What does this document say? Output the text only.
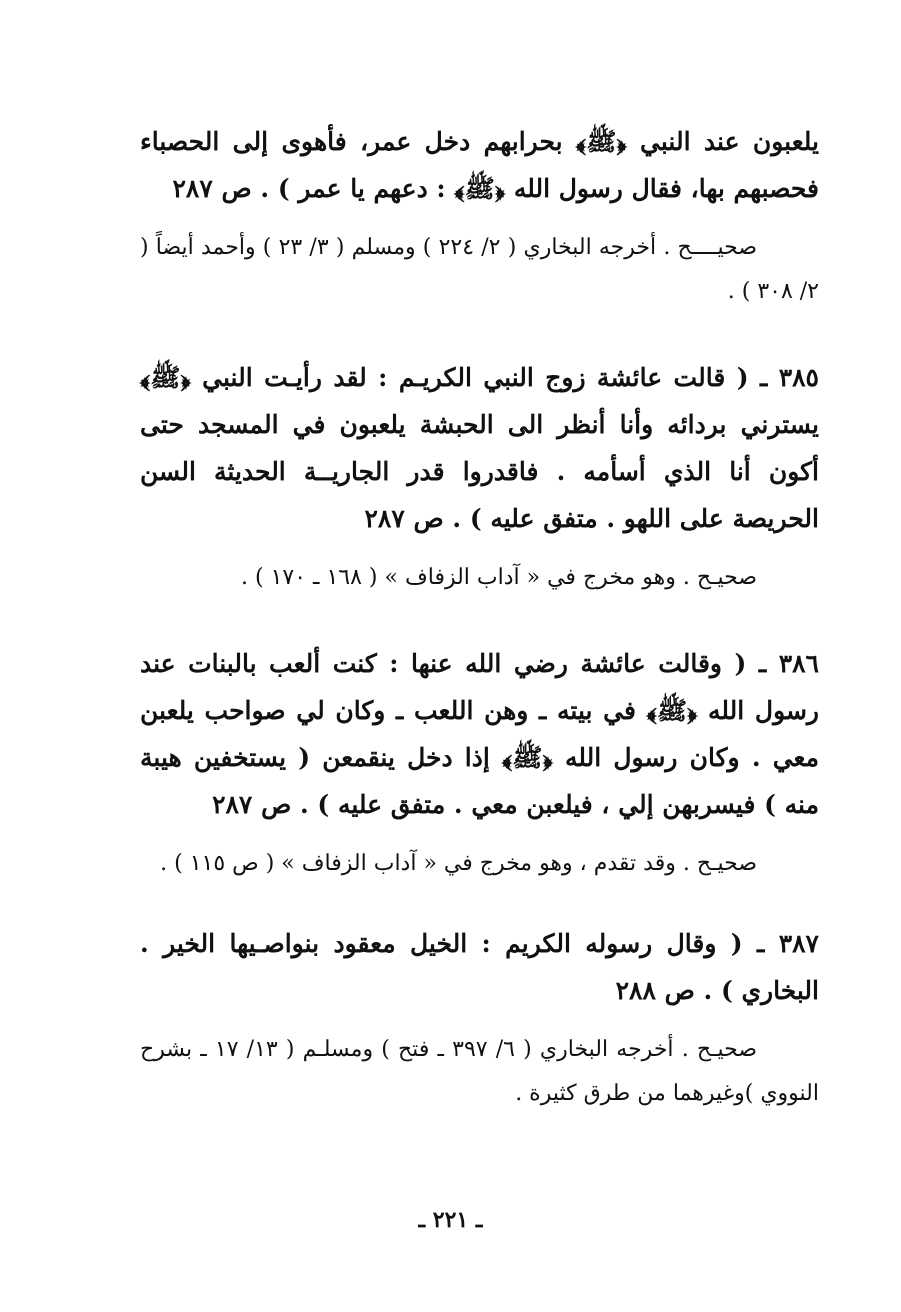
يلعبون عند النبي ﴿ﷺ﴾ بحرابهم دخل عمر، فأهوى إلى الحصباء فحصبهم بها، فقال رسول الله ﴿ﷺ﴾ : دعهم يا عمر ) . ص ٢٨٧

صحيــــح . أخرجه البخاري ( ٢/ ٢٢٤ ) ومسلم ( ٣/ ٢٣ ) وأحمد أيضاً ( ٢/ ٣٠٨ ) .

٣٨٥ ـ ( قالت عائشة زوج النبي الكريـم : لقد رأيـت النبي ﴿ﷺ﴾ يسترني بردائه وأنا أنظر الى الحبشة يلعبون في المسجد حتى أكون أنا الذي أسأمه . فاقدروا قدر الجاريــة الحديثة السن الحريصة على اللهو . متفق عليه ) . ص ٢٨٧

صحيـح . وهو مخرج في « آداب الزفاف » ( ١٦٨ ـ ١٧٠ ) .

٣٨٦ ـ ( وقالت عائشة رضي الله عنها : كنت ألعب بالبنات عند رسول الله ﴿ﷺ﴾ في بيته ـ وهن اللعب ـ وكان لي صواحب يلعبن معي . وكان رسول الله ﴿ﷺ﴾ إذا دخل ينقمعن ( يستخفين هيبة منه ) فيسربهن إلي ، فيلعبن معي . متفق عليه ) . ص ٢٨٧

صحيـح . وقد تقدم ، وهو مخرج في « آداب الزفاف » ( ص ١١٥ ) .

٣٨٧ ـ ( وقال رسوله الكريم : الخيل معقود بنواصـيها الخير . البخاري ) . ص ٢٨٨

صحيـح . أخرجه البخاري ( ٦/ ٣٩٧ ـ فتح ) ومسلـم ( ١٣/ ١٧ ـ بشرح النووي )وغيرهما من طرق كثيرة .

ـ ٢٢١ ـ
